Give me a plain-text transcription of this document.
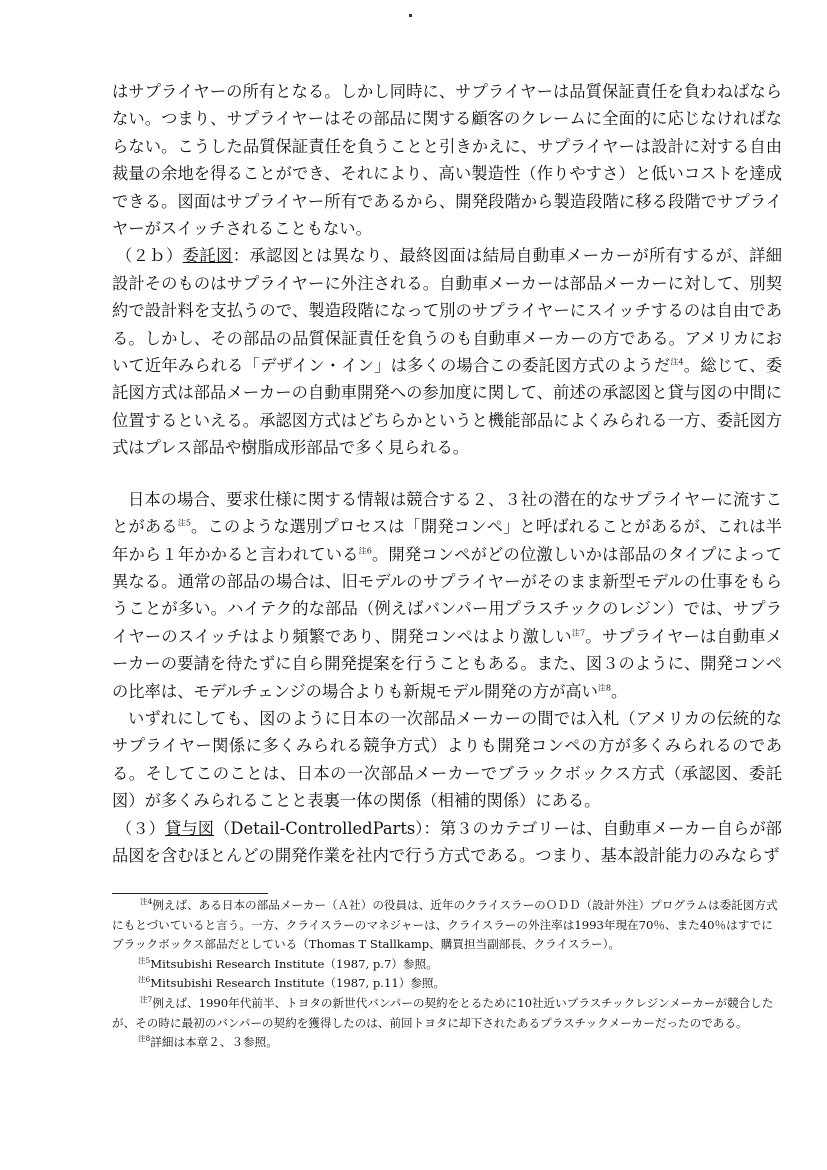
はサプライヤーの所有となる。しかし同時に、サプライヤーは品質保証責任を負わねばならない。つまり、サプライヤーはその部品に関する顧客のクレームに全面的に応じなければならない。こうした品質保証責任を負うことと引きかえに、サプライヤーは設計に対する自由裁量の余地を得ることができ、それにより、高い製造性（作りやすさ）と低いコストを達成できる。図面はサプライヤー所有であるから、開発段階から製造段階に移る段階でサプライヤーがスイッチされることもない。

（２ｂ）委託図：承認図とは異なり、最終図面は結局自動車メーカーが所有するが、詳細設計そのものはサプライヤーに外注される。自動車メーカーは部品メーカーに対して、別契約で設計料を支払うので、製造段階になって別のサプライヤーにスイッチするのは自由である。しかし、その部品の品質保証責任を負うのも自動車メーカーの方である。アメリカにおいて近年みられる「デザイン・イン」は多くの場合この委託図方式のようだ$^{注4}$。総じて、委託図方式は部品メーカーの自動車開発への参加度に関して、前述の承認図と貸与図の中間に位置するといえる。承認図方式はどちらかというと機能部品によくみられる一方、委託図方式はプレス部品や樹脂成形部品で多く見られる。

日本の場合、要求仕様に関する情報は競合する２、３社の潜在的なサプライヤーに流すことがある$^{注5}$。このような選別プロセスは「開発コンペ」と呼ばれることがあるが、これは半年から１年かかると言われている$^{注6}$。開発コンペがどの位激しいかは部品のタイプによって異なる。通常の部品の場合は、旧モデルのサプライヤーがそのまま新型モデルの仕事をもらうことが多い。ハイテク的な部品（例えばバンパー用プラスチックのレジン）では、サプライヤーのスイッチはより頻繁であり、開発コンペはより激しい$^{注7}$。サプライヤーは自動車メーカーの要請を待たずに自ら開発提案を行うこともある。また、図３のように、開発コンペの比率は、モデルチェンジの場合よりも新規モデル開発の方が高い$^{注8}$。

いずれにしても、図のように日本の一次部品メーカーの間では入札（アメリカの伝統的なサプライヤー関係に多くみられる競争方式）よりも開発コンペの方が多くみられるのである。そしてこのことは、日本の一次部品メーカーでブラックボックス方式（承認図、委託図）が多くみられることと表裏一体の関係（相補的関係）にある。

（３）貸与図（Detail-ControlledParts）：第３のカテゴリーは、自動車メーカー自らが部品図を含むほとんどの開発作業を社内で行う方式である。つまり、基本設計能力のみならず

$^{注4}$例えば、ある日本の部品メーカー（Ａ社）の役員は、近年のクライスラーのＯＤＤ（設計外注）プログラムは委託図方式にもとづいていると言う。一方、クライスラーのマネジャーは、クライスラーの外注率は1993年現在70％、また40％はすでにブラックボックス部品だとしている（Thomas T Stallkamp、購買担当副部長、クライスラー）。

$^{注5}$Mitsubishi Research Institute（1987, p.7）参照。

$^{注6}$Mitsubishi Research Institute（1987, p.11）参照。

$^{注7}$例えば、1990年代前半、トヨタの新世代バンパーの契約をとるために10社近いプラスチックレジンメーカーが競合したが、その時に最初のバンパーの契約を獲得したのは、前回トヨタに却下されたあるプラスチックメーカーだったのである。

$^{注8}$詳細は本章２、３参照。
